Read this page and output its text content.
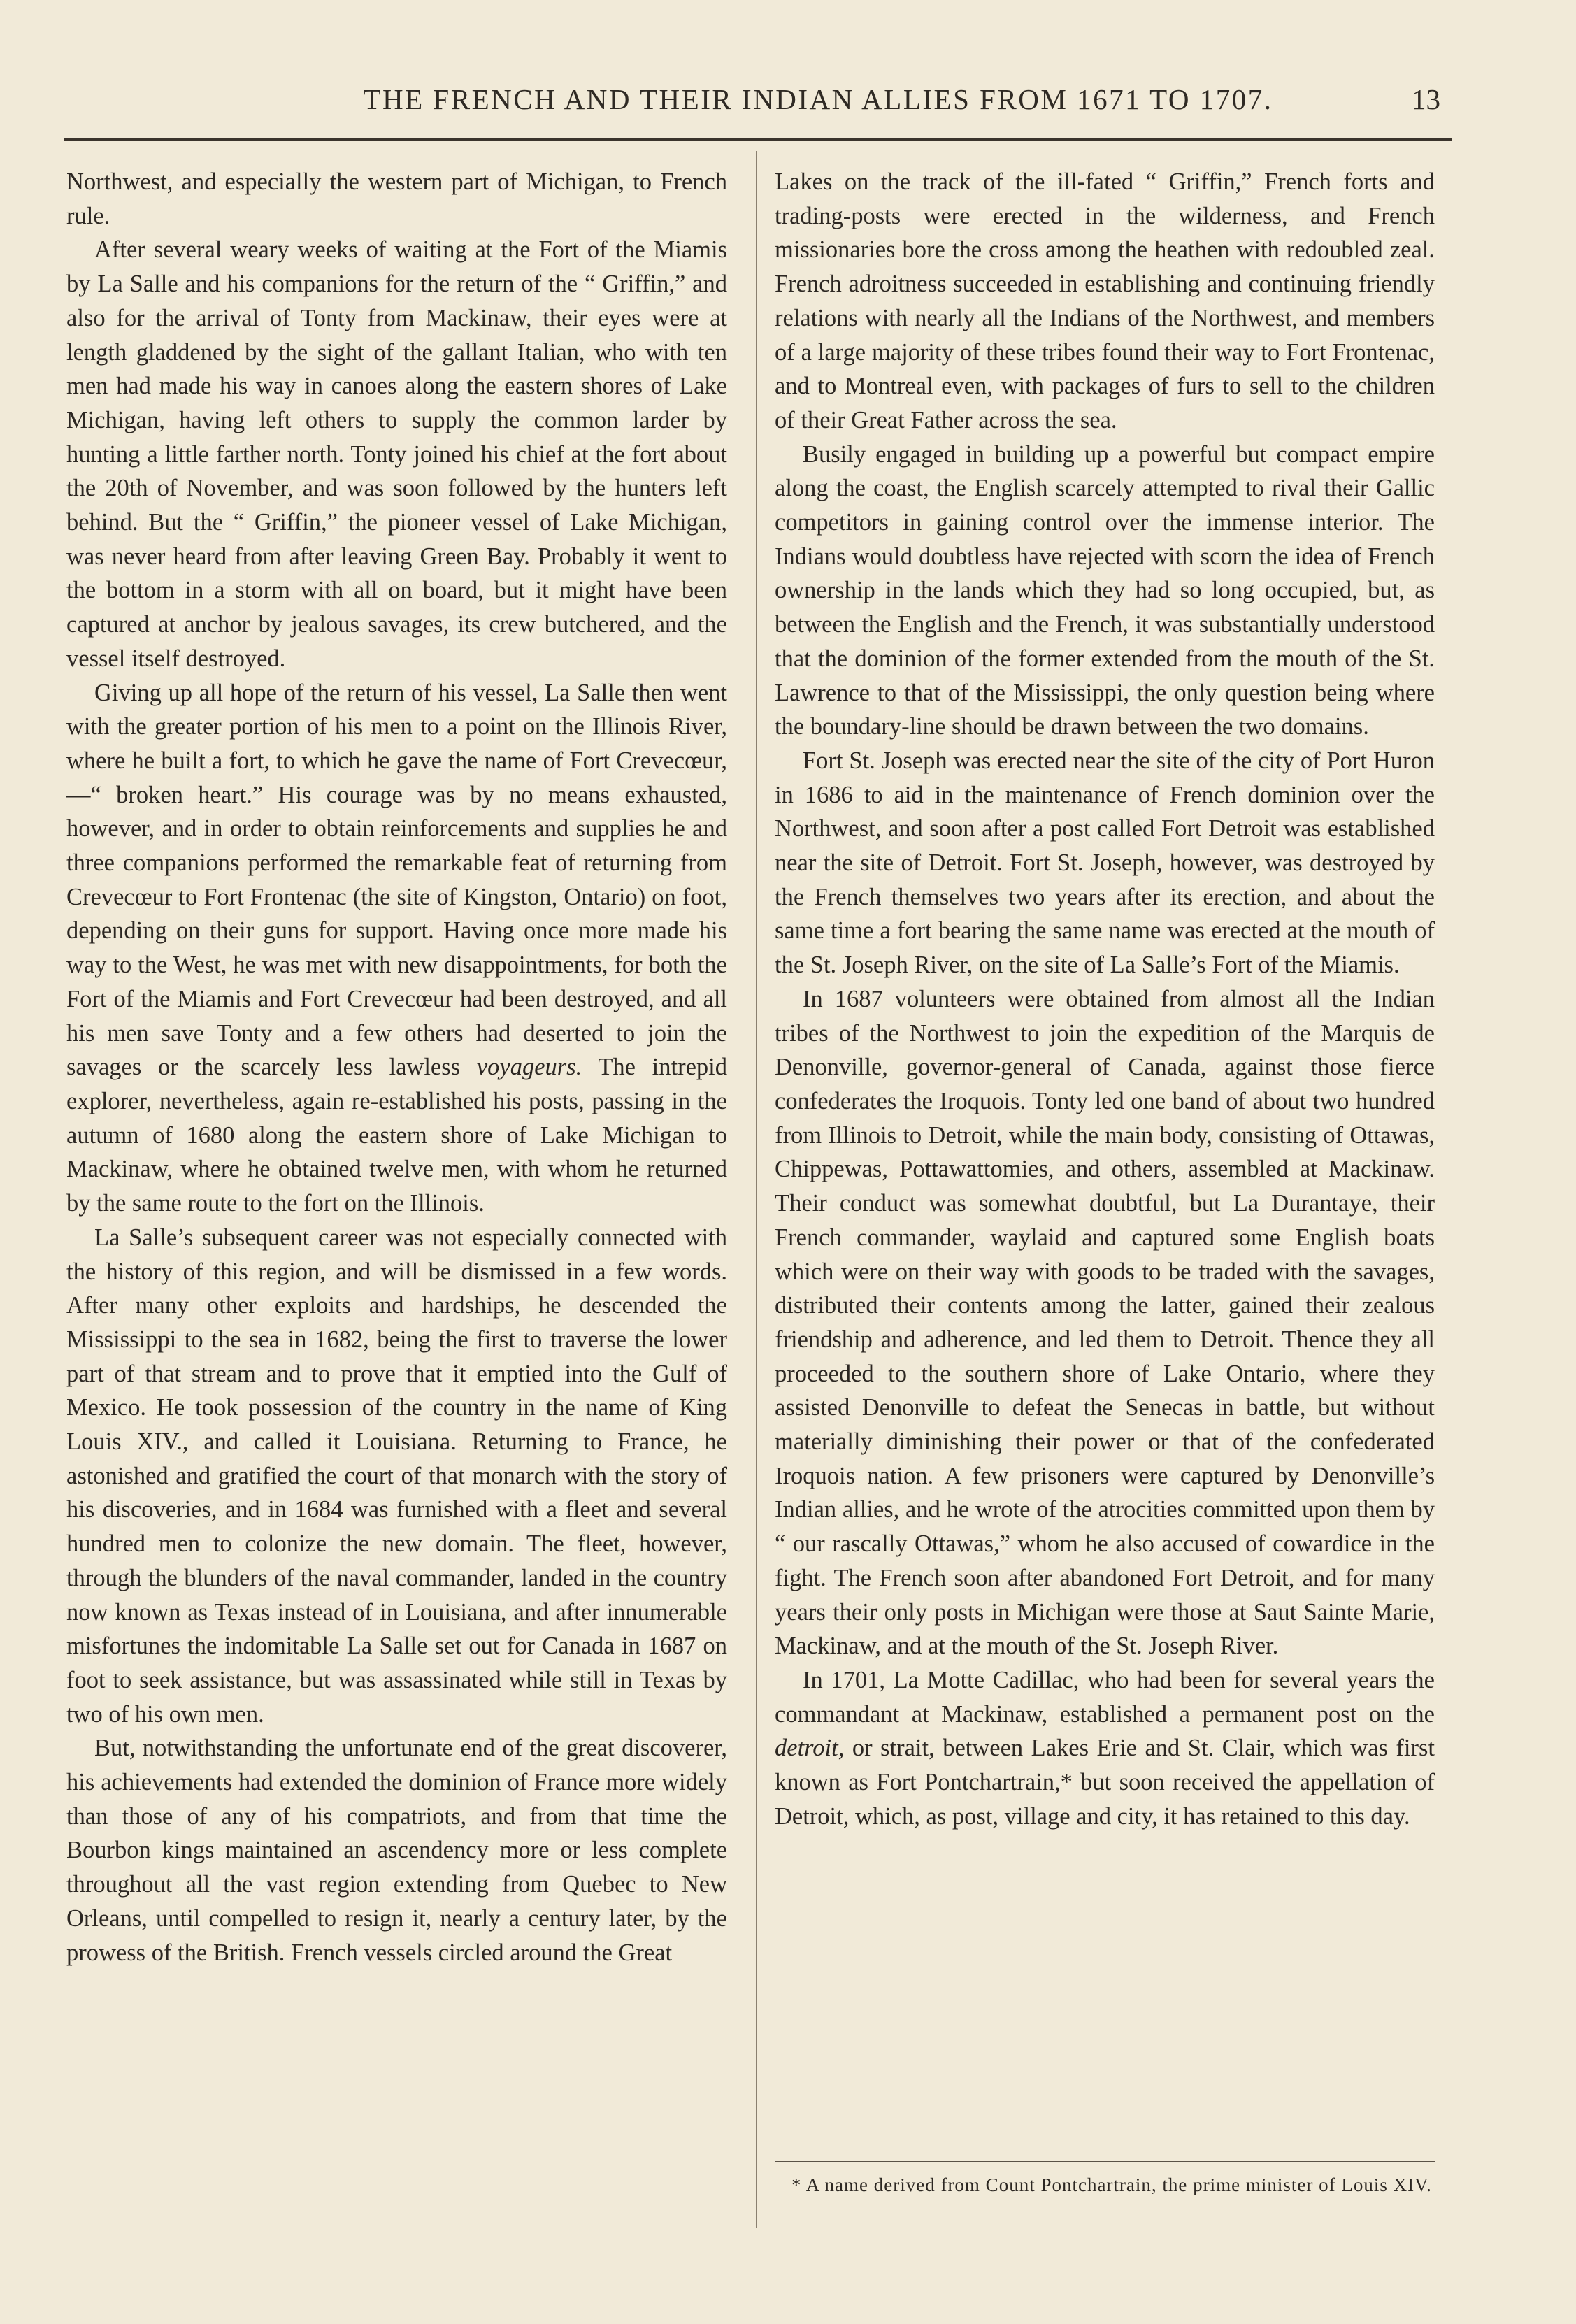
THE FRENCH AND THEIR INDIAN ALLIES FROM 1671 TO 1707.	13

Northwest, and especially the western part of Michigan, to French rule.

After several weary weeks of waiting at the Fort of the Miamis by La Salle and his companions for the return of the “ Griffin,” and also for the arrival of Tonty from Mackinaw, their eyes were at length gladdened by the sight of the gallant Italian, who with ten men had made his way in canoes along the eastern shores of Lake Michigan, having left others to supply the common larder by hunting a little farther north. Tonty joined his chief at the fort about the 20th of November, and was soon followed by the hunters left behind. But the “ Griffin,” the pioneer vessel of Lake Michigan, was never heard from after leaving Green Bay. Probably it went to the bottom in a storm with all on board, but it might have been captured at anchor by jealous savages, its crew butchered, and the vessel itself destroyed.

Giving up all hope of the return of his vessel, La Salle then went with the greater portion of his men to a point on the Illinois River, where he built a fort, to which he gave the name of Fort Crevecœur,—“ broken heart.” His courage was by no means exhausted, however, and in order to obtain reinforcements and supplies he and three companions performed the remarkable feat of returning from Crevecœur to Fort Frontenac (the site of Kingston, Ontario) on foot, depending on their guns for support. Having once more made his way to the West, he was met with new disappointments, for both the Fort of the Miamis and Fort Crevecœur had been destroyed, and all his men save Tonty and a few others had deserted to join the savages or the scarcely less lawless voyageurs. The intrepid explorer, nevertheless, again re-established his posts, passing in the autumn of 1680 along the eastern shore of Lake Michigan to Mackinaw, where he obtained twelve men, with whom he returned by the same route to the fort on the Illinois.

La Salle’s subsequent career was not especially connected with the history of this region, and will be dismissed in a few words. After many other exploits and hardships, he descended the Mississippi to the sea in 1682, being the first to traverse the lower part of that stream and to prove that it emptied into the Gulf of Mexico. He took possession of the country in the name of King Louis XIV., and called it Louisiana. Returning to France, he astonished and gratified the court of that monarch with the story of his discoveries, and in 1684 was furnished with a fleet and several hundred men to colonize the new domain. The fleet, however, through the blunders of the naval commander, landed in the country now known as Texas instead of in Louisiana, and after innumerable misfortunes the indomitable La Salle set out for Canada in 1687 on foot to seek assistance, but was assassinated while still in Texas by two of his own men.

But, notwithstanding the unfortunate end of the great discoverer, his achievements had extended the dominion of France more widely than those of any of his compatriots, and from that time the Bourbon kings maintained an ascendency more or less complete throughout all the vast region extending from Quebec to New Orleans, until compelled to resign it, nearly a century later, by the prowess of the British. French vessels circled around the Great

Lakes on the track of the ill-fated “ Griffin,” French forts and trading-posts were erected in the wilderness, and French missionaries bore the cross among the heathen with redoubled zeal. French adroitness succeeded in establishing and continuing friendly relations with nearly all the Indians of the Northwest, and members of a large majority of these tribes found their way to Fort Frontenac, and to Montreal even, with packages of furs to sell to the children of their Great Father across the sea.

Busily engaged in building up a powerful but compact empire along the coast, the English scarcely attempted to rival their Gallic competitors in gaining control over the immense interior. The Indians would doubtless have rejected with scorn the idea of French ownership in the lands which they had so long occupied, but, as between the English and the French, it was substantially understood that the dominion of the former extended from the mouth of the St. Lawrence to that of the Mississippi, the only question being where the boundary-line should be drawn between the two domains.

Fort St. Joseph was erected near the site of the city of Port Huron in 1686 to aid in the maintenance of French dominion over the Northwest, and soon after a post called Fort Detroit was established near the site of Detroit. Fort St. Joseph, however, was destroyed by the French themselves two years after its erection, and about the same time a fort bearing the same name was erected at the mouth of the St. Joseph River, on the site of La Salle’s Fort of the Miamis.

In 1687 volunteers were obtained from almost all the Indian tribes of the Northwest to join the expedition of the Marquis de Denonville, governor-general of Canada, against those fierce confederates the Iroquois. Tonty led one band of about two hundred from Illinois to Detroit, while the main body, consisting of Ottawas, Chippewas, Pottawattomies, and others, assembled at Mackinaw. Their conduct was somewhat doubtful, but La Durantaye, their French commander, waylaid and captured some English boats which were on their way with goods to be traded with the savages, distributed their contents among the latter, gained their zealous friendship and adherence, and led them to Detroit. Thence they all proceeded to the southern shore of Lake Ontario, where they assisted Denonville to defeat the Senecas in battle, but without materially diminishing their power or that of the confederated Iroquois nation. A few prisoners were captured by Denonville’s Indian allies, and he wrote of the atrocities committed upon them by “ our rascally Ottawas,” whom he also accused of cowardice in the fight. The French soon after abandoned Fort Detroit, and for many years their only posts in Michigan were those at Saut Sainte Marie, Mackinaw, and at the mouth of the St. Joseph River.

In 1701, La Motte Cadillac, who had been for several years the commandant at Mackinaw, established a permanent post on the detroit, or strait, between Lakes Erie and St. Clair, which was first known as Fort Pontchartrain,* but soon received the appellation of Detroit, which, as post, village and city, it has retained to this day.

* A name derived from Count Pontchartrain, the prime minister of Louis XIV.
